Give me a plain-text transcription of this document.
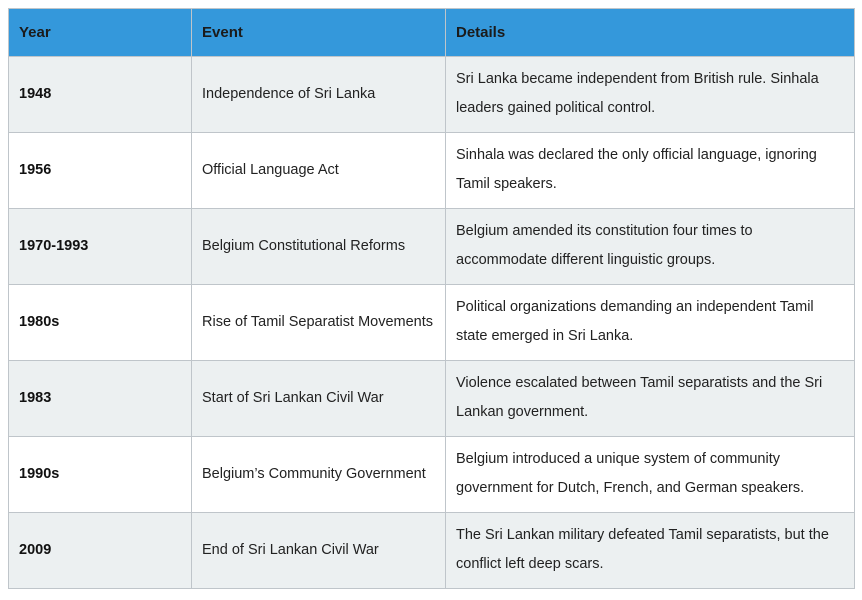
Year	Event	Details
1948	Independence of Sri Lanka	Sri Lanka became independent from British rule. Sinhala leaders gained political control.
1956	Official Language Act	Sinhala was declared the only official language, ignoring Tamil speakers.
1970-1993	Belgium Constitutional Reforms	Belgium amended its constitution four times to accommodate different linguistic groups.
1980s	Rise of Tamil Separatist Movements	Political organizations demanding an independent Tamil state emerged in Sri Lanka.
1983	Start of Sri Lankan Civil War	Violence escalated between Tamil separatists and the Sri Lankan government.
1990s	Belgium’s Community Government	Belgium introduced a unique system of community government for Dutch, French, and German speakers.
2009	End of Sri Lankan Civil War	The Sri Lankan military defeated Tamil separatists, but the conflict left deep scars.
